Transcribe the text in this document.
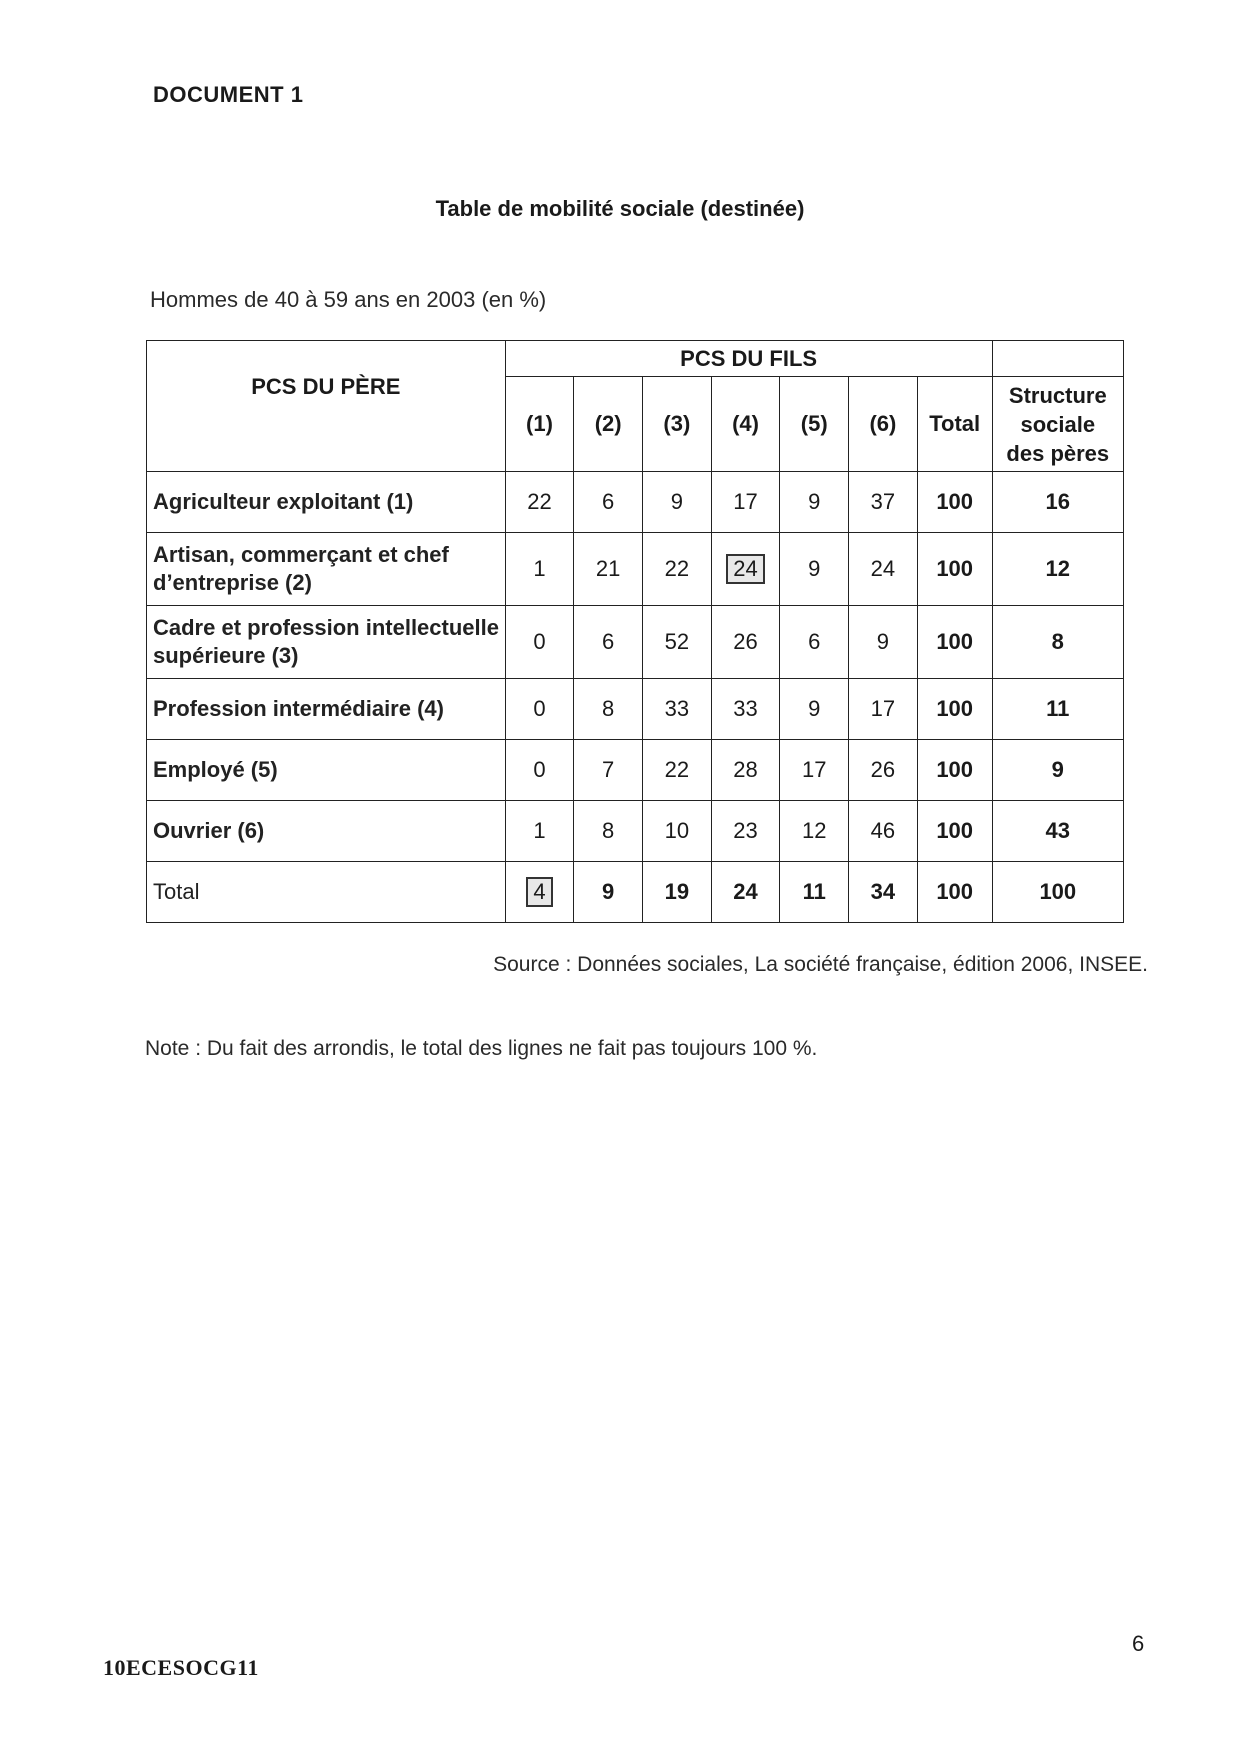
DOCUMENT 1
Table de mobilité sociale (destinée)
Hommes de 40 à 59 ans en 2003 (en %)
PCS DU PÈRE	PCS DU FILS							
	(1)	(2)	(3)	(4)	(5)	(6)	Total	Structure
sociale
des pères

Agriculteur exploitant (1)	22	6	9	17	9	37	100	16
Artisan, commerçant et chef d’entreprise (2)	1	21	22	24	9	24	100	12
Cadre et profession intellectuelle supérieure (3)	0	6	52	26	6	9	100	8
Profession intermédiaire (4)	0	8	33	33	9	17	100	11
Employé (5)	0	7	22	28	17	26	100	9
Ouvrier (6)	1	8	10	23	12	46	100	43
Total	4	9	19	24	11	34	100	100
Source : Données sociales, La société française, édition 2006, INSEE.
Note : Du fait des arrondis, le total des lignes ne fait pas toujours 100 %.
10ECESOCG11
6
